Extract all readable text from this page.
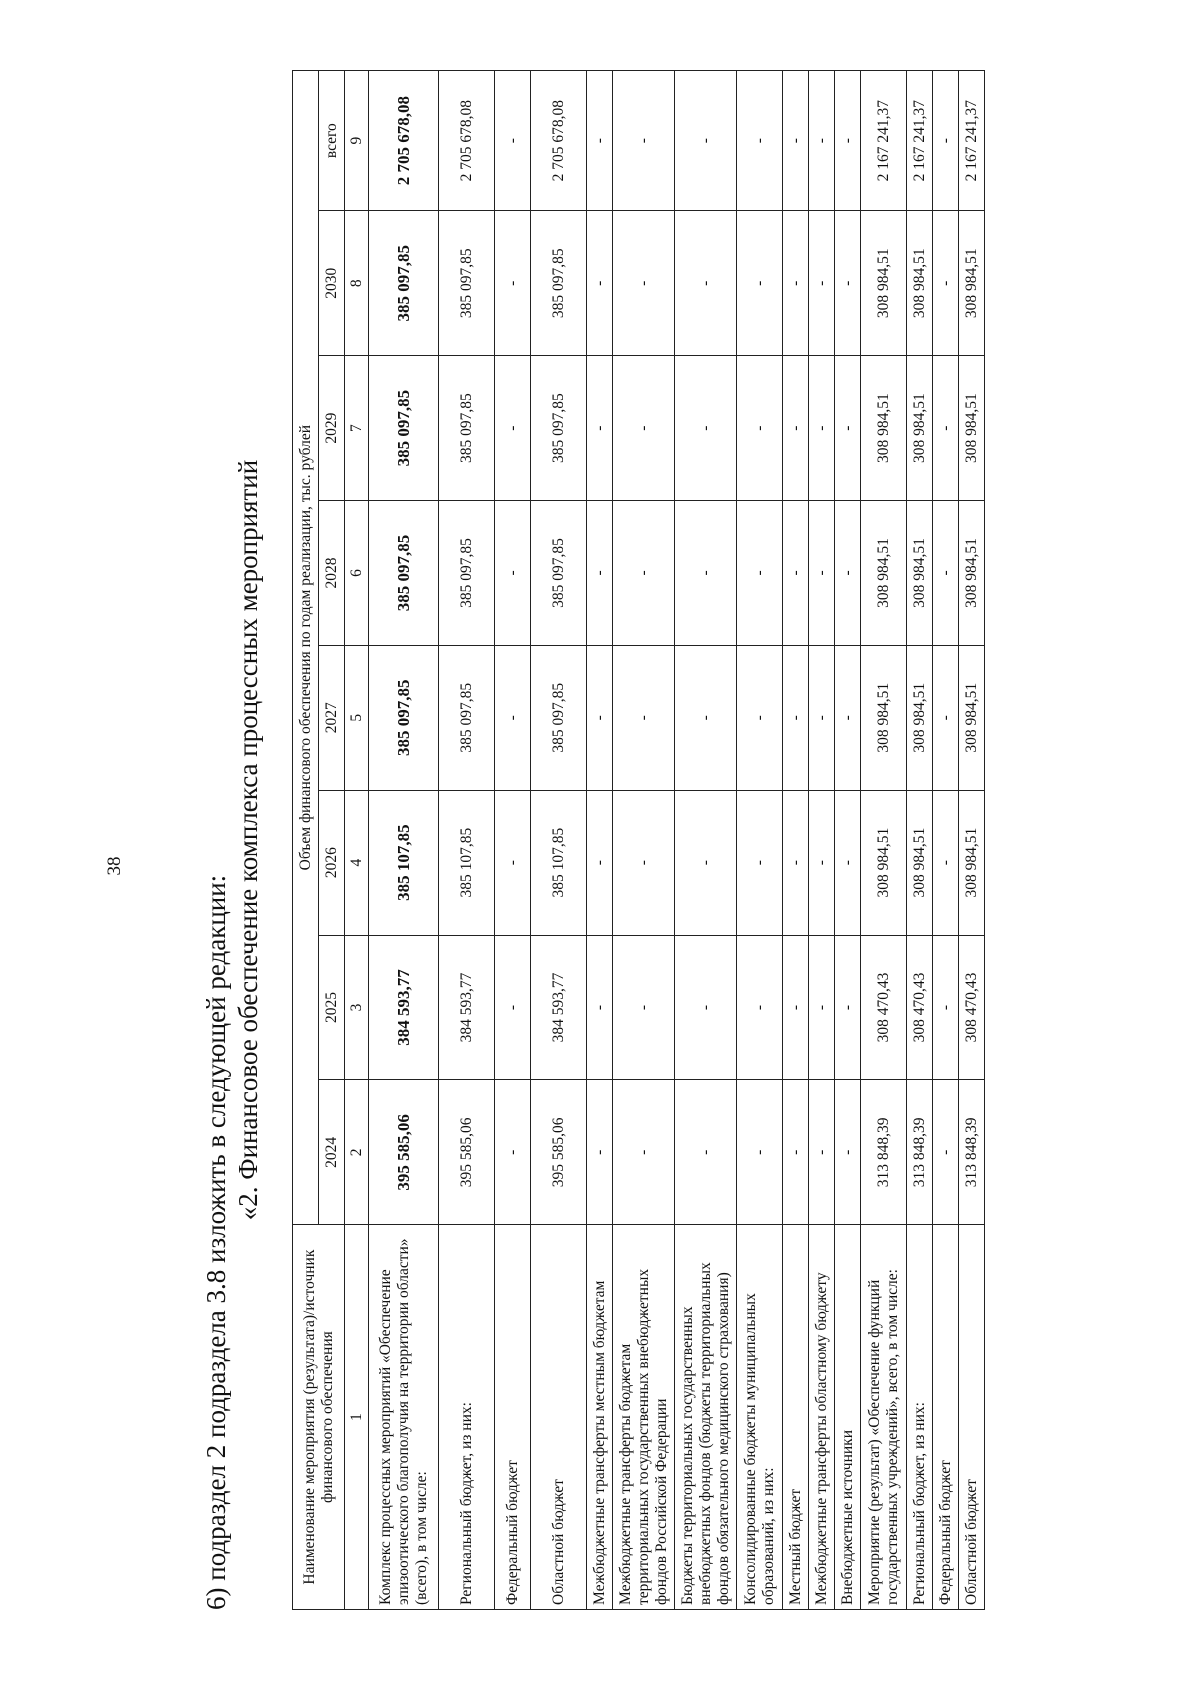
38
6) подраздел 2 подраздела 3.8 изложить в следующей редакции:
«2. Финансовое обеспечение комплекса процессных мероприятий
Наименование мероприятия (результата)/источник финансового обеспечения	Объем финансового обеспечения по годам реализации, тыс. рублей							
	2024	2025	2026	2027	2028	2029	2030	всего
1	2	3	4	5	6	7	8	9
Комплекс процессных мероприятий «Обеспечение эпизоотического благополучия на территории области» (всего), в том числе:	395 585,06	384 593,77	385 107,85	385 097,85	385 097,85	385 097,85	385 097,85	2 705 678,08
Региональный бюджет, из них:	395 585,06	384 593,77	385 107,85	385 097,85	385 097,85	385 097,85	385 097,85	2 705 678,08
Федеральный бюджет	-	-	-	-	-	-	-	-
Областной бюджет	395 585,06	384 593,77	385 107,85	385 097,85	385 097,85	385 097,85	385 097,85	2 705 678,08
Межбюджетные трансферты местным бюджетам	-	-	-	-	-	-	-	-
Межбюджетные трансферты бюджетам территориальных государственных внебюджетных фондов Российской Федерации	-	-	-	-	-	-	-	-
Бюджеты территориальных государственных внебюджетных фондов (бюджеты территориальных фондов обязательного медицинского страхования)	-	-	-	-	-	-	-	-
Консолидированные бюджеты муниципальных образований, из них:	-	-	-	-	-	-	-	-
Местный бюджет	-	-	-	-	-	-	-	-
Межбюджетные трансферты областному бюджету	-	-	-	-	-	-	-	-
Внебюджетные источники	-	-	-	-	-	-	-	-
Мероприятие (результат) «Обеспечение функций государственных учреждений», всего, в том числе:	313 848,39	308 470,43	308 984,51	308 984,51	308 984,51	308 984,51	308 984,51	2 167 241,37
Региональный бюджет, из них:	313 848,39	308 470,43	308 984,51	308 984,51	308 984,51	308 984,51	308 984,51	2 167 241,37
Федеральный бюджет	-	-	-	-	-	-	-	-
Областной бюджет	313 848,39	308 470,43	308 984,51	308 984,51	308 984,51	308 984,51	308 984,51	2 167 241,37
